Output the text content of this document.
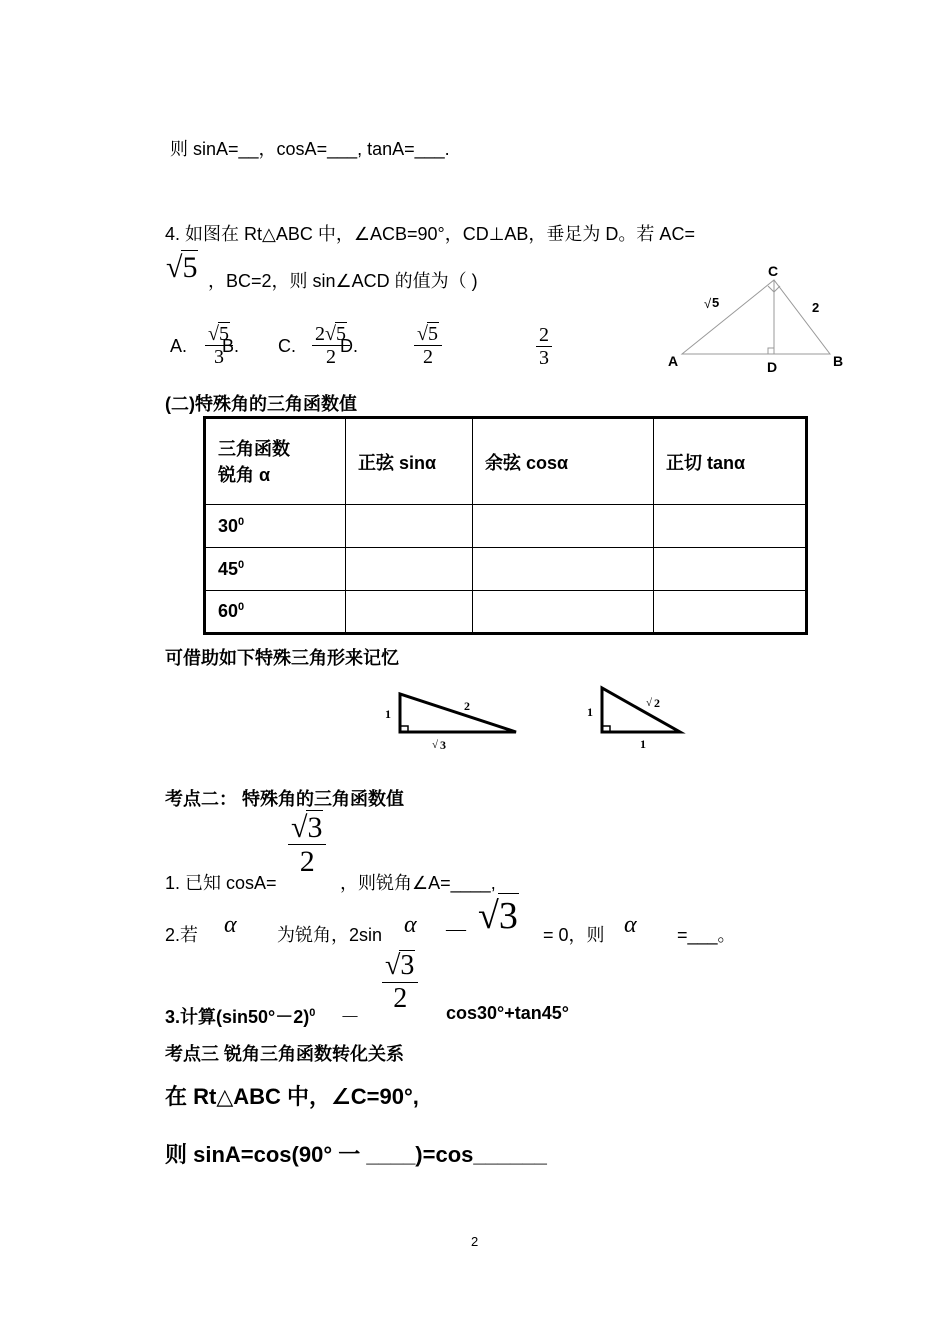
则 sinA=__，cosA=___, tanA=___.
4. 如图在 Rt△ABC 中，∠ACB=90°，CD⊥AB，垂足为 D。若 AC=
√5 ，BC=2，则 sin∠ACD 的值为（ )
A. $\frac{√5}{3}$
B. C. $\frac{2√5}{2}$
D.	$\frac{√5}{2}$	$\frac{2}{3}$
C
A	B
D
√ 5	2
(二)特殊角的三角函数值
三角函数
锐角 α	正弦 sinα	余弦 cosα	正切 tanα
$30^0$			
$45^0$			
$60^0$			
可借助如下特殊三角形来记忆
1
2
√ 3
1
√ 2
1
考点二： 特殊角的三角函数值
$\frac{√3}{2}$
1. 已知 cosA=	，则锐角∠A=____,
2.若 α 为锐角，2sin α — √3 = 0，则 α =___。
$\frac{√3}{2}$
3.计算$(\sin 50^\circ-2)^0$ －	cos30°+tan45°
考点三 锐角三角函数转化关系
在 Rt△ABC 中，∠C=90°,
则 sinA=cos(90° 一 ____)=cos______
2
